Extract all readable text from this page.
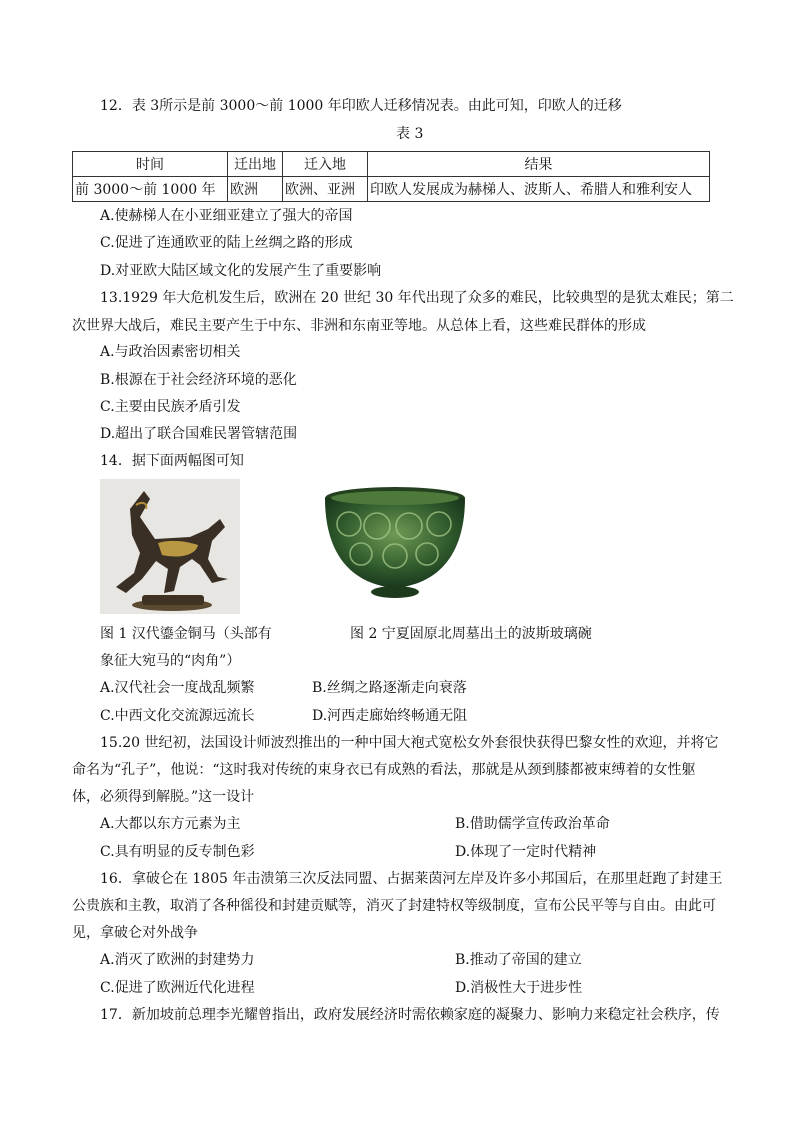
12．表 3所示是前 3000～前 1000 年印欧人迁移情况表。由此可知，印欧人的迁移
表 3
时间	迁出地	迁入地	结果
前 3000～前 1000 年	欧洲	欧洲、亚洲	印欧人发展成为赫梯人、波斯人、希腊人和雅利安人
A.使赫梯人在小亚细亚建立了强大的帝国
C.促进了连通欧亚的陆上丝绸之路的形成
D.对亚欧大陆区域文化的发展产生了重要影响
13.1929 年大危机发生后，欧洲在 20 世纪 30 年代出现了众多的难民，比较典型的是犹太难民；第二
次世界大战后，难民主要产生于中东、非洲和东南亚等地。从总体上看，这些难民群体的形成
A.与政治因素密切相关
B.根源在于社会经济环境的恶化
C.主要由民族矛盾引发
D.超出了联合国难民署管辖范围
14．据下面两幅图可知
图 1 汉代鎏金铜马（头部有
象征大宛马的“肉角”）
图 2 宁夏固原北周墓出土的波斯玻璃碗
A.汉代社会一度战乱频繁	B.丝绸之路逐渐走向衰落
C.中西文化交流源远流长	D.河西走廊始终畅通无阻
15.20 世纪初，法国设计师波烈推出的一种中国大袍式宽松女外套很快获得巴黎女性的欢迎，并将它
命名为“孔子”，他说：“这时我对传统的束身衣已有成熟的看法，那就是从颈到膝都被束缚着的女性躯
体，必须得到解脱。”这一设计
A.大都以东方元素为主	B.借助儒学宣传政治革命
C.具有明显的反专制色彩	D.体现了一定时代精神
16．拿破仑在 1805 年击溃第三次反法同盟、占据莱茵河左岸及许多小邦国后，在那里赶跑了封建王
公贵族和主教，取消了各种徭役和封建贡赋等，消灭了封建特权等级制度，宣布公民平等与自由。由此可
见，拿破仑对外战争
A.消灭了欧洲的封建势力	B.推动了帝国的建立
C.促进了欧洲近代化进程	D.消极性大于进步性
17．新加坡前总理李光耀曾指出，政府发展经济时需依赖家庭的凝聚力、影响力来稳定社会秩序，传
